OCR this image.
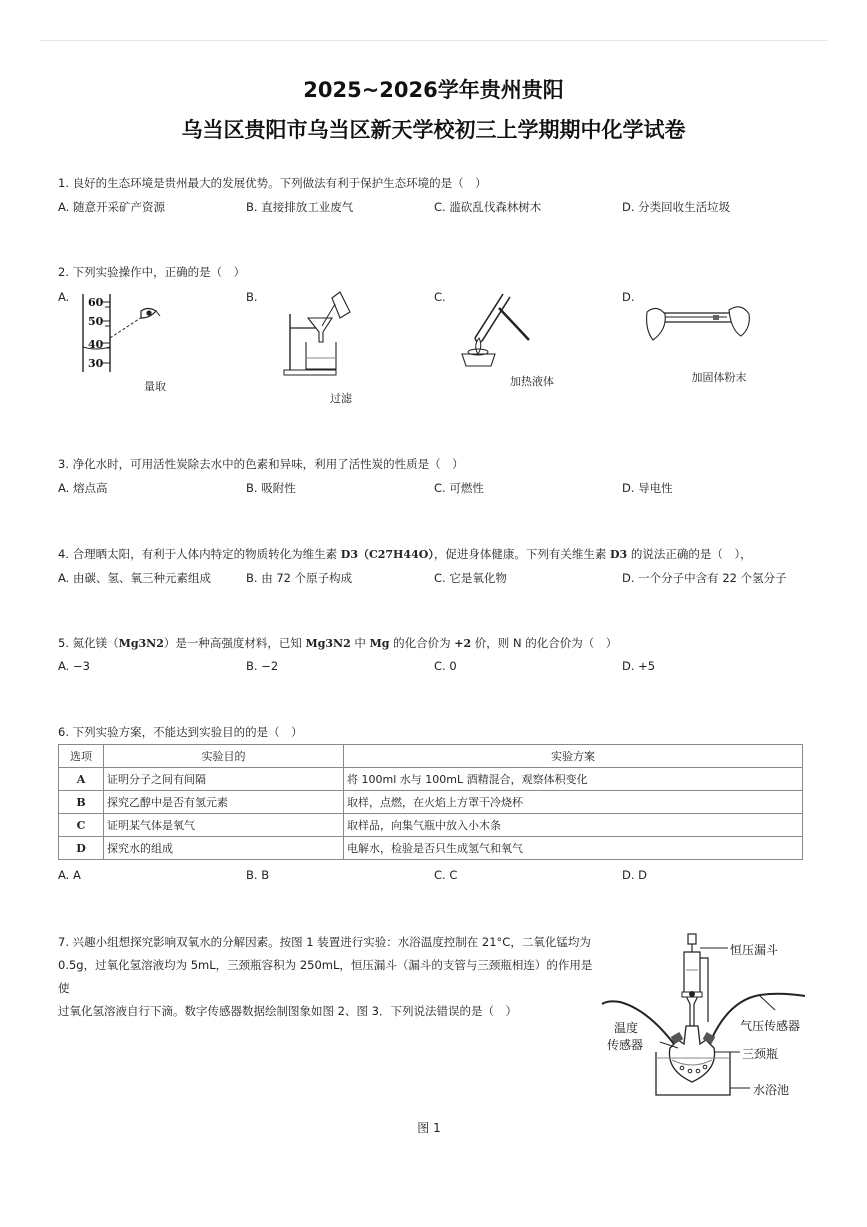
2025~2026学年贵州贵阳
乌当区贵阳市乌当区新天学校初三上学期期中化学试卷
1. 良好的生态环境是贵州最大的发展优势。下列做法有利于保护生态环境的是（　）
A. 随意开采矿产资源	B. 直接排放工业废气	C. 滥砍乱伐森林树木	D. 分类回收生活垃圾
2. 下列实验操作中，正确的是（　）
A.	B.	C.	D.
60
50
40
30
量取
过滤
加热液体	加固体粉末
3. 净化水时，可用活性炭除去水中的色素和异味，利用了活性炭的性质是（　）
A. 熔点高	B. 吸附性	C. 可燃性	D. 导电性
4. 合理晒太阳，有利于人体内特定的物质转化为维生素 D3（C27H44O），促进身体健康。下列有关维生素 D3 的说法正确的是（　），
A. 由碳、氢、氧三种元素组成	B. 由 72 个原子构成	C. 它是氧化物	D. 一个分子中含有 22 个氢分子
5. 氮化镁（Mg3N2）是一种高强度材料，已知 Mg3N2 中 Mg 的化合价为 +2 价，则 N 的化合价为（　）
A. −3	B. −2	C. 0	D. +5
6. 下列实验方案，不能达到实验目的的是（　）
选项	实验目的	实验方案
A	证明分子之间有间隔	将 100ml 水与 100mL 酒精混合，观察体积变化
B	探究乙醇中是否有氢元素	取样，点燃，在火焰上方罩干冷烧杯
C	证明某气体是氧气	取样品，向集气瓶中放入小木条
D	探究水的组成	电解水，检验是否只生成氢气和氧气
A. A	B. B	C. C	D. D
7. 兴趣小组想探究影响双氧水的分解因素。按图 1 装置进行实验：水浴温度控制在 21°C，二氧化锰均为
0.5g，过氧化氢溶液均为 5mL，三颈瓶容积为 250mL，恒压漏斗（漏斗的支管与三颈瓶相连）的作用是使
过氧化氢溶液自行下滴。数字传感器数据绘制图象如图 2、图 3．下列说法错误的是（　）
恒压漏斗
气压传感器
温度
传感器
三颈瓶
水浴池
图 1
